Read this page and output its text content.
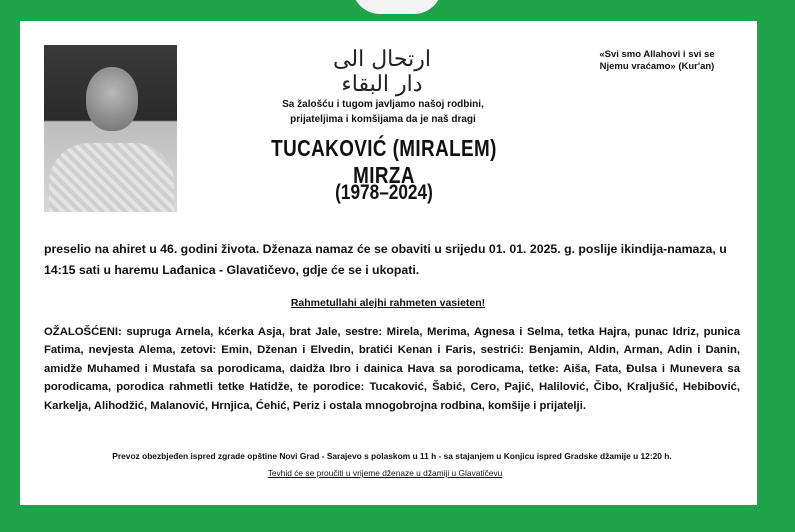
ارتحال الى دار البقاء
«Svi smo Allahovi i svi se
Njemu vraćamo» (Kur'an)
Sa žalošću i tugom javljamo našoj rodbini,
prijateljima i komšijama da je naš dragi
TUCAKOVIĆ (MIRALEM) MIRZA
(1978–2024)
preselio na ahiret u 46. godini života. Dženaza namaz će se obaviti u srijedu 01. 01. 2025. g. poslije ikindija-namaza, u 14:15 sati u haremu Lađanica - Glavatičevo, gdje će se i ukopati.
Rahmetullahi alejhi rahmeten vasieten!
OŽALOŠĆENI: supruga Arnela, kćerka Asja, brat Jale, sestre: Mirela, Merima, Agnesa i Selma, tetka Hajra, punac Idriz, punica Fatima, nevjesta Alema, zetovi: Emin, Dženan i Elvedin, bratići Kenan i Faris, sestrići: Benjamin, Aldin, Arman, Adin i Danin, amidže Muhamed i Mustafa sa porodicama, daidža Ibro i dainica Hava sa porodicama, tetke: Aiša, Fata, Đulsa i Munevera sa porodicama, porodica rahmetli tetke Hatidže, te porodice: Tucaković, Šabić, Cero, Pajić, Halilović, Čibo, Kraljušić, Hebibović, Karkelja, Alihodžić, Malanović, Hrnjica, Ćehić, Periz i ostala mnogobrojna rodbina, komšije i prijatelji.
Prevoz obezbjeđen ispred zgrade opštine Novi Grad - Sarajevo s polaskom u 11 h - sa stajanjem u Konjicu ispred Gradske džamije u 12:20 h.
Tevhid će se proučiti u vrijeme dženaze u džamiji u Glavatičevu
